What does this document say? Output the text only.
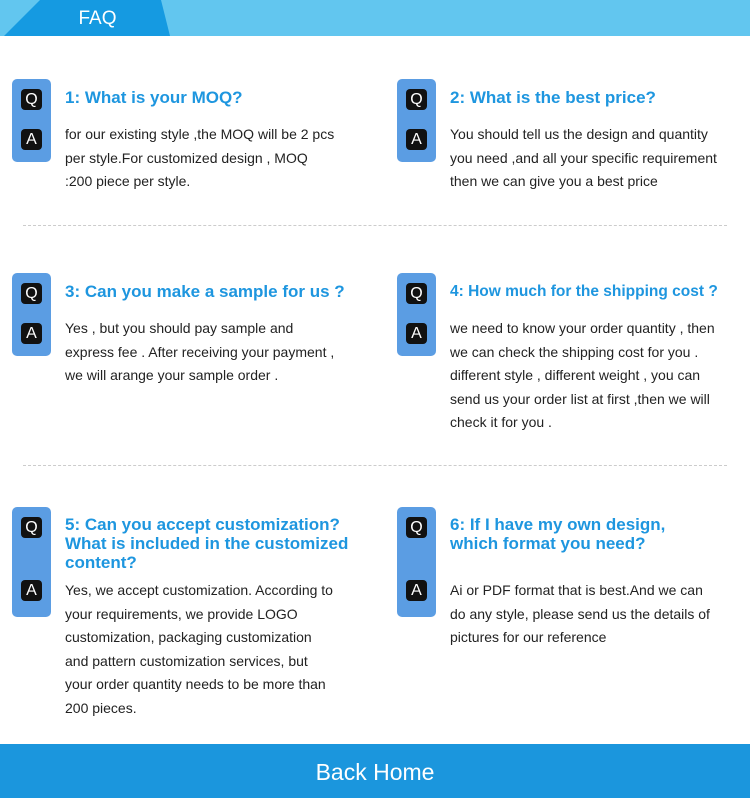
FAQ
Q
A
1: What is your MOQ?
for our existing style ,the MOQ will be 2 pcs
per style.For customized design , MOQ
:200 piece per style.
Q
A
2: What is the best price?
You should tell us the design and quantity
you need ,and all your specific requirement
then we can give you a best price
Q
A
3: Can you make a sample for us ?
Yes , but you should pay sample and
express fee . After receiving your payment ,
we will arange your sample order .
Q
A
4: How much for the shipping cost ?
we need to know your order quantity , then
we can check the shipping cost for you .
different style , different weight , you can
send us your order list at first ,then we will
check it for you .
Q
A
5: Can you accept customization?
What is included in the customized
content?
Yes, we accept customization. According to
your requirements, we provide LOGO
customization, packaging customization
and pattern customization services, but
your order quantity needs to be more than
200 pieces.
Q
A
6: If I have my own design,
which format you need?
Ai or PDF format that is best.And we can
do any style, please send us the details of
pictures for our reference
Back Home
